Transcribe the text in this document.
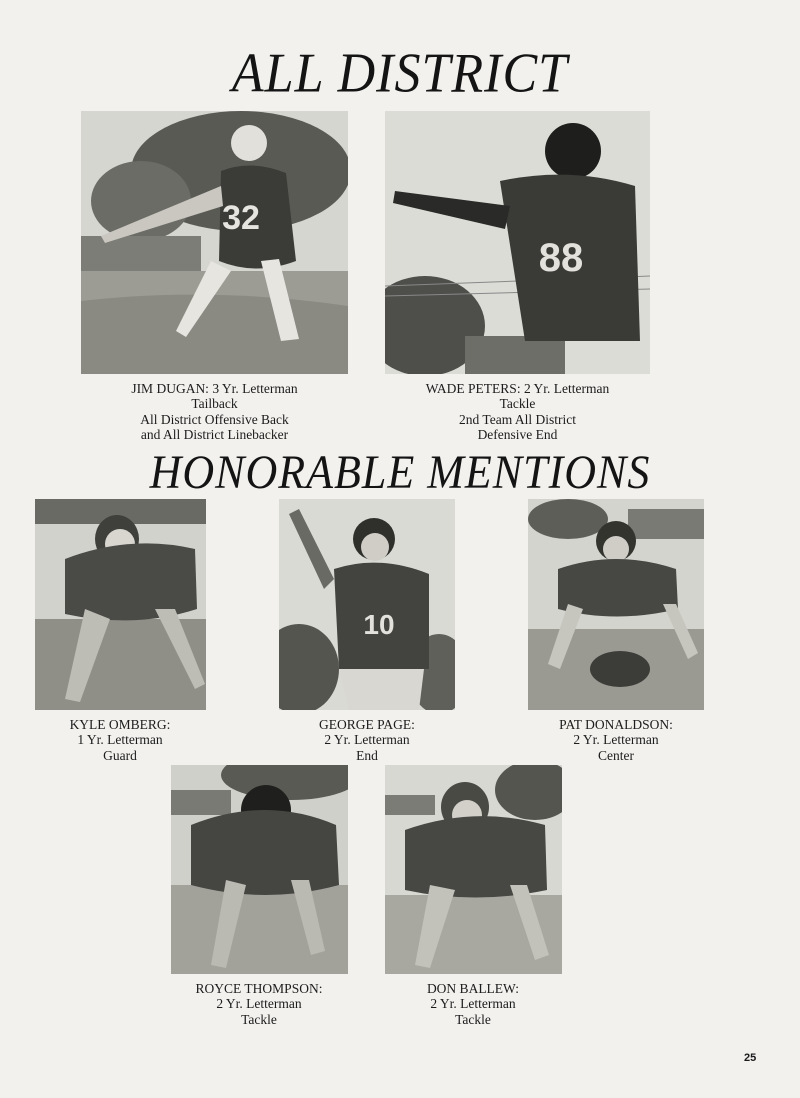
ALL DISTRICT
32
88
JIM DUGAN: 3 Yr. Letterman
Tailback
All District Offensive Back
and All District Linebacker
WADE PETERS: 2 Yr. Letterman
Tackle
2nd Team All District
Defensive End
HONORABLE MENTIONS
10
KYLE OMBERG:
1 Yr. Letterman
Guard
GEORGE PAGE:
2 Yr. Letterman
End
PAT DONALDSON:
2 Yr. Letterman
Center
ROYCE THOMPSON:
2 Yr. Letterman
Tackle
DON BALLEW:
2 Yr. Letterman
Tackle
25
